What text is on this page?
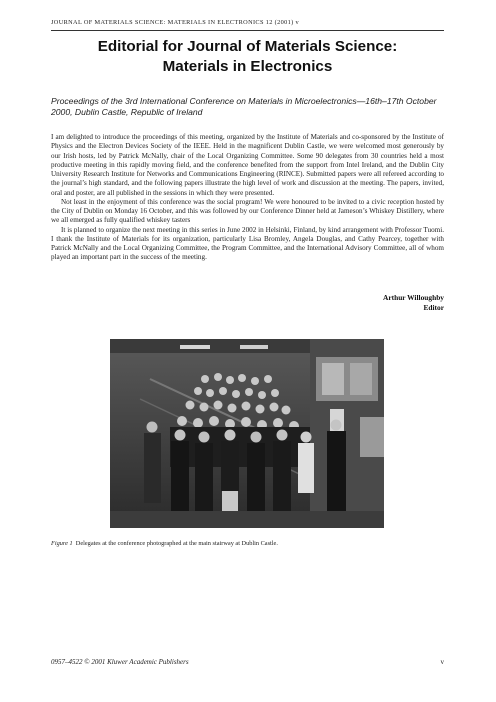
JOURNAL OF MATERIALS SCIENCE: MATERIALS IN ELECTRONICS 12 (2001) v
Editorial for Journal of Materials Science:
Materials in Electronics
Proceedings of the 3rd International Conference on Materials in Microelectronics—16th–17th October 2000, Dublin Castle, Republic of Ireland

I am delighted to introduce the proceedings of this meeting, organized by the Institute of Materials and co-sponsored by the Institute of Physics and the Electron Devices Society of the IEEE. Held in the magnificent Dublin Castle, we were welcomed most generously by our Irish hosts, led by Patrick McNally, chair of the Local Organizing Committee. Some 90 delegates from 30 countries held a most productive meeting in this rapidly moving field, and the conference benefited from the support from Intel Ireland, and the Dublin City University Research Institute for Networks and Communications Engineering (RINCE). Submitted papers were all refereed according to the journal’s high standard, and the following papers illustrate the high level of work and discussion at the meeting. The papers, invited, oral and poster, are all published in the sessions in which they were presented.

Not least in the enjoyment of this conference was the social program! We were honoured to be invited to a civic reception hosted by the City of Dublin on Monday 16 October, and this was followed by our Conference Dinner held at Jameson’s Whiskey Distillery, where we all emerged as fully qualified whiskey tasters

It is planned to organize the next meeting in this series in June 2002 in Helsinki, Finland, by kind arrangement with Professor Tuomi. I thank the Institute of Materials for its organization, particularly Lisa Bromley, Angela Douglas, and Cathy Pearcey, together with Patrick McNally and the Local Organizing Committee, the Program Committee, and the International Advisory Committee, all of whom played an important part in the success of the meeting.

Arthur Willoughby
Editor
Figure 1 Delegates at the conference photographed at the main stairway at Dublin Castle.
0957–4522 © 2001 Kluwer Academic Publishers	v
